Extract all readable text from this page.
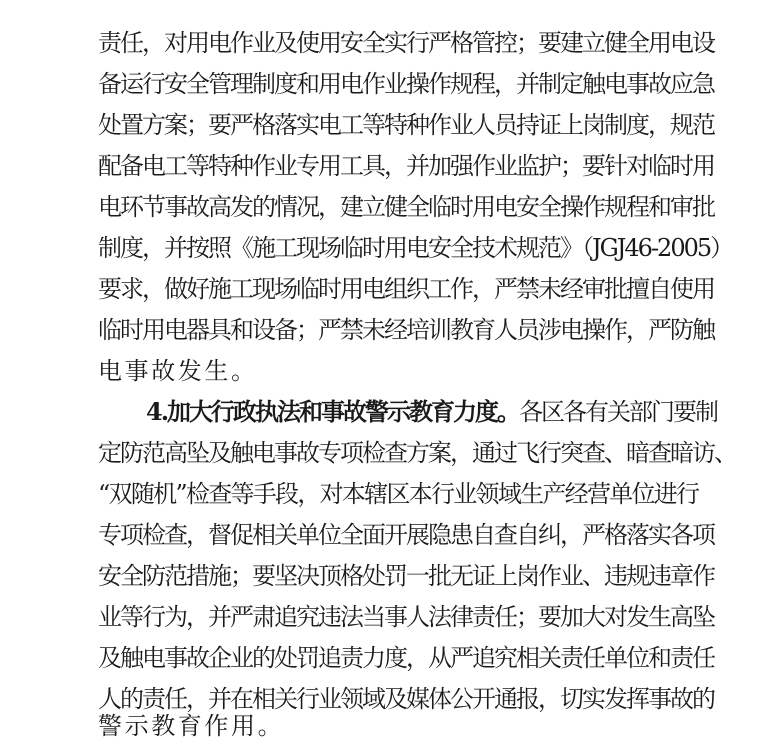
责任，对用电作业及使用安全实行严格管控；要建立健全用电设
备运行安全管理制度和用电作业操作规程，并制定触电事故应急
处置方案；要严格落实电工等特种作业人员持证上岗制度，规范
配备电工等特种作业专用工具，并加强作业监护；要针对临时用
电环节事故高发的情况，建立健全临时用电安全操作规程和审批
制度，并按照《施工现场临时用电安全技术规范》（JGJ46-2005）
要求，做好施工现场临时用电组织工作，严禁未经审批擅自使用
临时用电器具和设备；严禁未经培训教育人员涉电操作，严防触
电事故发生。
4.加大行政执法和事故警示教育力度。各区各有关部门要制
定防范高坠及触电事故专项检查方案，通过飞行突查、暗查暗访、
“双随机”检查等手段，对本辖区本行业领域生产经营单位进行
专项检查，督促相关单位全面开展隐患自查自纠，严格落实各项
安全防范措施；要坚决顶格处罚一批无证上岗作业、违规违章作
业等行为，并严肃追究违法当事人法律责任；要加大对发生高坠
及触电事故企业的处罚追责力度，从严追究相关责任单位和责任
人的责任，并在相关行业领域及媒体公开通报，切实发挥事故的
警示教育作用。
